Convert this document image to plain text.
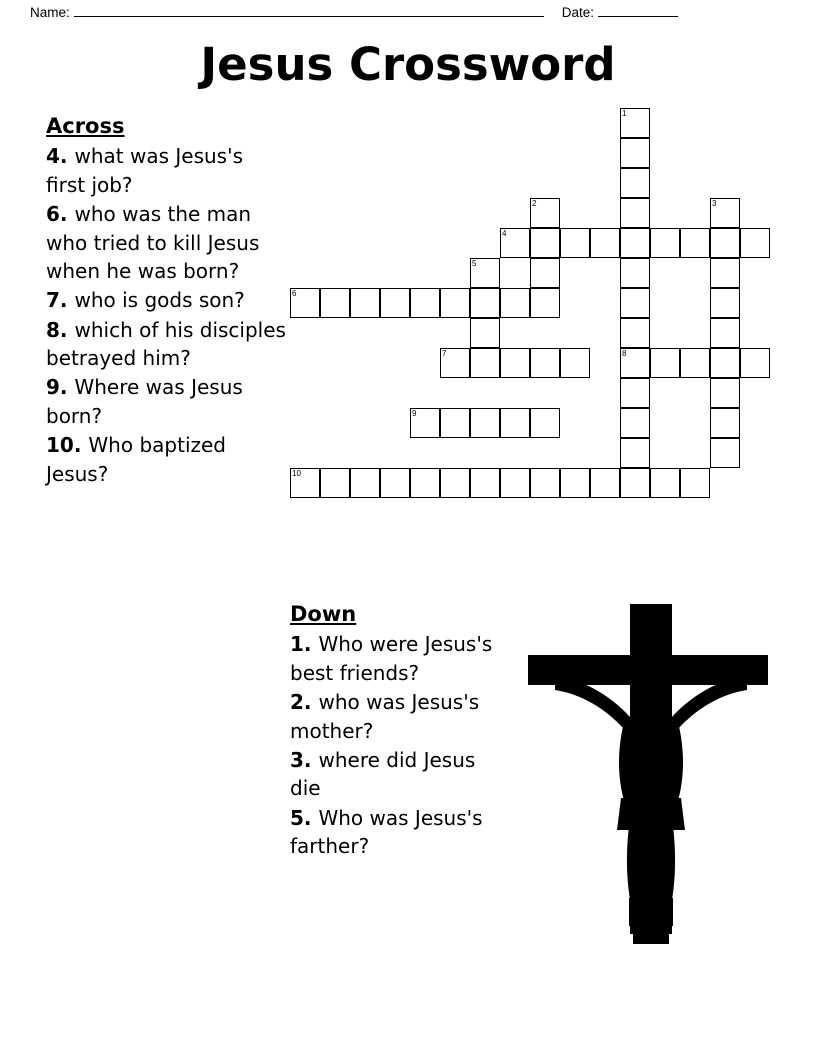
Name:	Date:
Jesus Crossword
Across
4. what was Jesus's first job?
6. who was the man who tried to kill Jesus when he was born?
7. who is gods son?
8. which of his disciples betrayed him?
9. Where was Jesus born?
10. Who baptized Jesus?
Down
1. Who were Jesus's best friends?
2. who was Jesus's mother?
3. where did Jesus die
5. Who was Jesus's farther?
1
2	3
4
5
6
7	8
9
10
